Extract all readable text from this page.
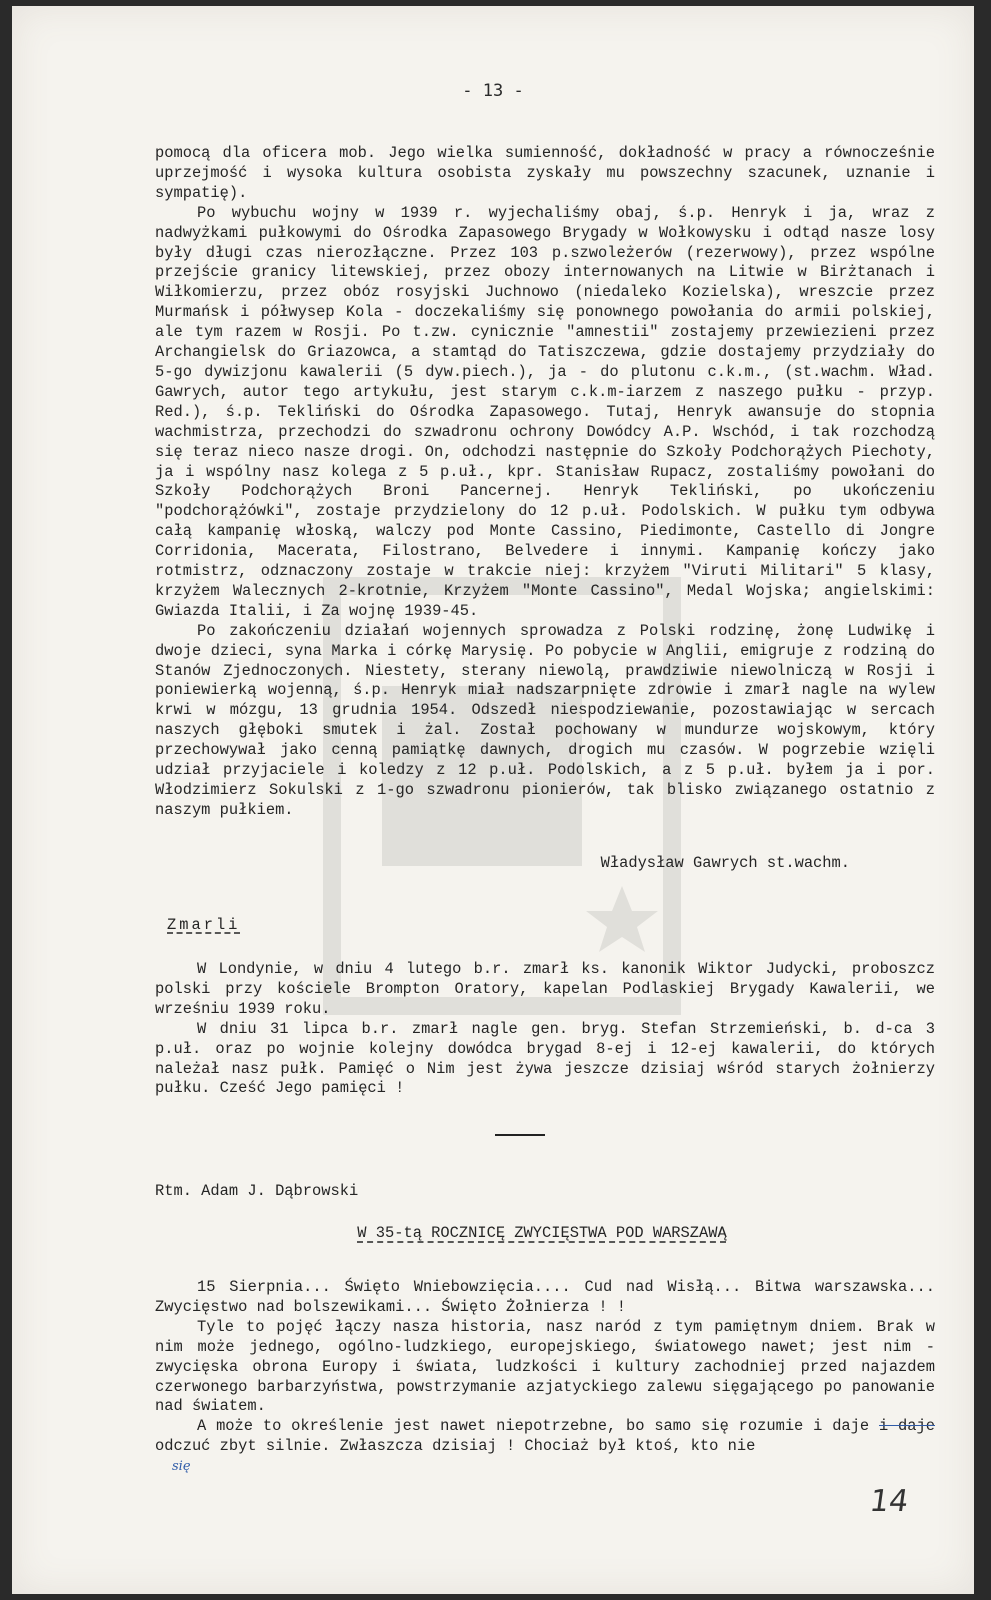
- 13 -

pomocą dla oficera mob. Jego wielka sumienność, dokładność w pracy a równocześnie uprzejmość i wysoka kultura osobista zyskały mu powszechny szacunek, uznanie i sympatię).

Po wybuchu wojny w 1939 r. wyjechaliśmy obaj, ś.p. Henryk i ja, wraz z nadwyżkami pułkowymi do Ośrodka Zapasowego Brygady w Wołkowysku i odtąd nasze losy były długi czas nierozłączne. Przez 103 p.szwoleżerów (rezerwowy), przez wspólne przejście granicy litewskiej, przez obozy internowanych na Litwie w Birżtanach i Wiłkomierzu, przez obóz rosyjski Juchnowo (niedaleko Kozielska), wreszcie przez Murmańsk i półwysep Kola - doczekaliśmy się ponownego powołania do armii polskiej, ale tym razem w Rosji. Po t.zw. cynicznie "amnestii" zostajemy przewiezieni przez Archangielsk do Griazowca, a stamtąd do Tatiszczewa, gdzie dostajemy przydziały do 5-go dywizjonu kawalerii (5 dyw.piech.), ja - do plutonu c.k.m., (st.wachm. Wład. Gawrych, autor tego artykułu, jest starym c.k.m-iarzem z naszego pułku - przyp. Red.), ś.p. Tekliński do Ośrodka Zapasowego. Tutaj, Henryk awansuje do stopnia wachmistrza, przechodzi do szwadronu ochrony Dowódcy A.P. Wschód, i tak rozchodzą się teraz nieco nasze drogi. On, odchodzi następnie do Szkoły Podchorążych Piechoty, ja i wspólny nasz kolega z 5 p.uł., kpr. Stanisław Rupacz, zostaliśmy powołani do Szkoły Podchorążych Broni Pancernej. Henryk Tekliński, po ukończeniu "podchorążówki", zostaje przydzielony do 12 p.uł. Podolskich. W pułku tym odbywa całą kampanię włoską, walczy pod Monte Cassino, Piedimonte, Castello di Jongre Corridonia, Macerata, Filostrano, Belvedere i innymi. Kampanię kończy jako rotmistrz, odznaczony zostaje w trakcie niej: krzyżem "Viruti Militari" 5 klasy, krzyżem Walecznych 2-krotnie, Krzyżem "Monte Cassino", Medal Wojska; angielskimi: Gwiazda Italii, i Za wojnę 1939-45.

Po zakończeniu działań wojennych sprowadza z Polski rodzinę, żonę Ludwikę i dwoje dzieci, syna Marka i córkę Marysię. Po pobycie w Anglii, emigruje z rodziną do Stanów Zjednoczonych. Niestety, sterany niewolą, prawdziwie niewolniczą w Rosji i poniewierką wojenną, ś.p. Henryk miał nadszarpnięte zdrowie i zmarł nagle na wylew krwi w mózgu, 13 grudnia 1954. Odszedł niespodziewanie, pozostawiając w sercach naszych głęboki smutek i żal. Został pochowany w mundurze wojskowym, który przechowywał jako cenną pamiątkę dawnych, drogich mu czasów. W pogrzebie wzięli udział przyjaciele i koledzy z 12 p.uł. Podolskich, a z 5 p.uł. byłem ja i por. Włodzimierz Sokulski z 1-go szwadronu pionierów, tak blisko związanego ostatnio z naszym pułkiem.

Władysław Gawrych st.wachm.
Zmarli

W Londynie, w dniu 4 lutego b.r. zmarł ks. kanonik Wiktor Judycki, proboszcz polski przy kościele Brompton Oratory, kapelan Podlaskiej Brygady Kawalerii, we wrześniu 1939 roku.

W dniu 31 lipca b.r. zmarł nagle gen. bryg. Stefan Strzemieński, b. d-ca 3 p.uł. oraz po wojnie kolejny dowódca brygad 8-ej i 12-ej kawalerii, do których należał nasz pułk. Pamięć o Nim jest żywa jeszcze dzisiaj wśród starych żołnierzy pułku. Cześć Jego pamięci !

Rtm. Adam J. Dąbrowski
W 35-tą ROCZNICĘ ZWYCIĘSTWA POD WARSZAWĄ

15 Sierpnia... Święto Wniebowzięcia.... Cud nad Wisłą... Bitwa warszawska... Zwycięstwo nad bolszewikami... Święto Żołnierza ! !

Tyle to pojęć łączy nasza historia, nasz naród z tym pamiętnym dniem. Brak w nim może jednego, ogólno-ludzkiego, europejskiego, światowego nawet; jest nim - zwycięska obrona Europy i świata, ludzkości i kultury zachodniej przed najazdem czerwonego barbarzyństwa, powstrzymanie azjatyckiego zalewu sięgającego po panowanie nad światem.

A może to określenie jest nawet niepotrzebne, bo samo się rozumie i daje i daje odczuć zbyt silnie. Zwłaszcza dzisiaj ! Chociaż był ktoś, kto nie

się
14
